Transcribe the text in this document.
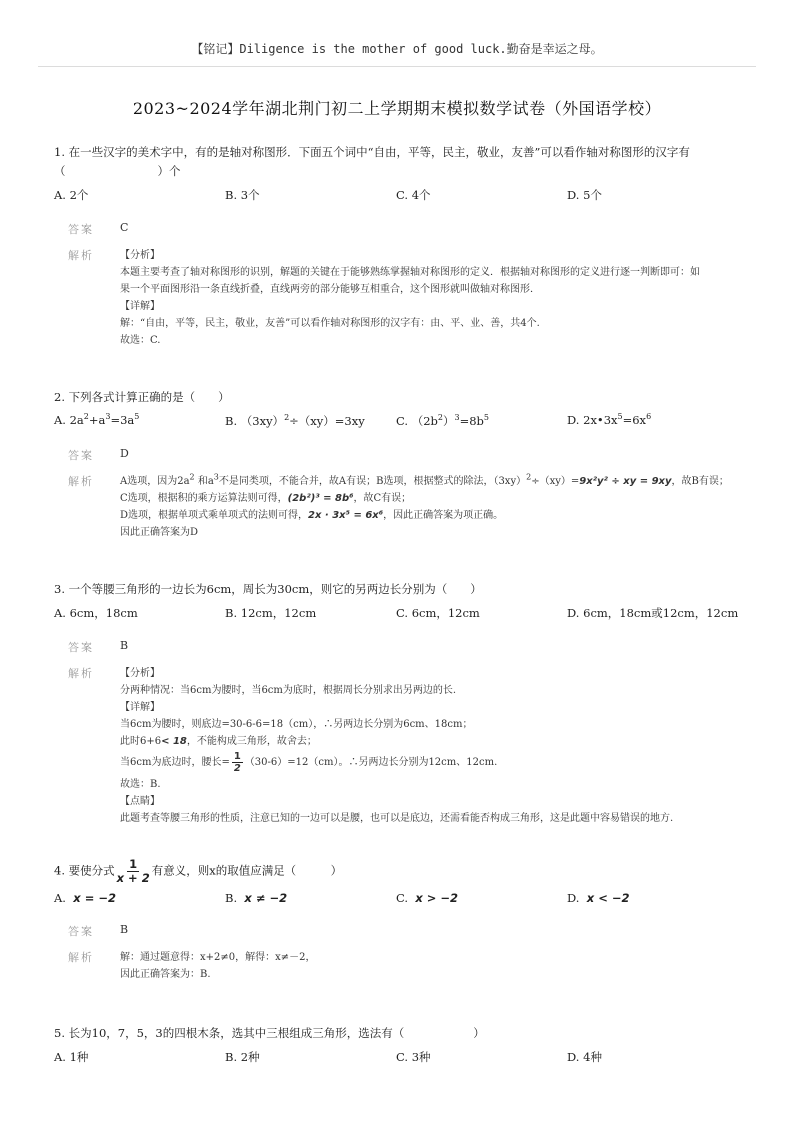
【铭记】Diligence is the mother of good luck.勤奋是幸运之母。
2023~2024学年湖北荆门初二上学期期末模拟数学试卷（外国语学校）
1. 在一些汉字的美术字中，有的是轴对称图形．下面五个词中“自由，平等，民主，敬业，友善”可以看作轴对称图形的汉字有
（　　　　　　　　）个
A. 2个	B. 3个	C. 4个	D. 5个
答案	C
解析	【分析】
本题主要考查了轴对称图形的识别，解题的关键在于能够熟练掌握轴对称图形的定义．根据轴对称图形的定义进行逐一判断即可：如
果一个平面图形沿一条直线折叠，直线两旁的部分能够互相重合，这个图形就叫做轴对称图形．
【详解】
解：“自由，平等，民主，敬业，友善”可以看作轴对称图形的汉字有：由、平、业、善，共4个.
故选：C.
2. 下列各式计算正确的是（　　）
A. $2a^2+a^3=3a^5$	B. $(3xy)^2\div(xy)=3xy$	C. $(2b^2)^3=8b^5$	D. $2x•3x^5=6x^6$
答案	D
解析	A选项，因为$2a^2$ 和$a^3$不是同类项，不能合并，故A有误；B选项，根据整式的除法，$(3xy)^2\div(xy)=9x^2y^2$ ÷ xy = 9xy，故B有误；
C选项，根据积的乘方运算法则可得，(2b²)³ = 8b⁶，故C有误；
D选项，根据单项式乘单项式的法则可得，2x · 3x⁵ = 6x⁶，因此正确答案为项正确。
因此正确答案为D
3. 一个等腰三角形的一边长为6cm，周长为30cm，则它的另两边长分别为（　　）
A. 6cm，18cm	B. 12cm，12cm	C. 6cm，12cm	D. 6cm，18cm或12cm，12cm
答案	B
解析	【分析】
分两种情况：当6cm为腰时，当6cm为底时，根据周长分别求出另两边的长.
【详解】
当6cm为腰时，则底边=30-6-6=18（cm），∴另两边长分别为6cm、18cm；
此时6+6< 18，不能构成三角形，故舍去；
当6cm为底边时，腰长= $\frac{1}{2} (30-6)=12(cm)$。∴另两边长分别为12cm、12cm.
故选：B.
【点睛】
此题考查等腰三角形的性质，注意已知的一边可以是腰，也可以是底边，还需看能否构成三角形，这是此题中容易错误的地方.
4. 要使分式 $\frac{1}{x + 2}$ 有意义，则x的取值应满足（　　　）
A. x = −2	B. x ≠ −2	C. x > −2	D. x < −2
答案	B
解析	解：通过题意得：x+2≠0，解得：x≠－2，
因此正确答案为：B.
5. 长为10，7，5，3的四根木条，选其中三根组成三角形，选法有（　　　　　　）
A. 1种	B. 2种	C. 3种	D. 4种
